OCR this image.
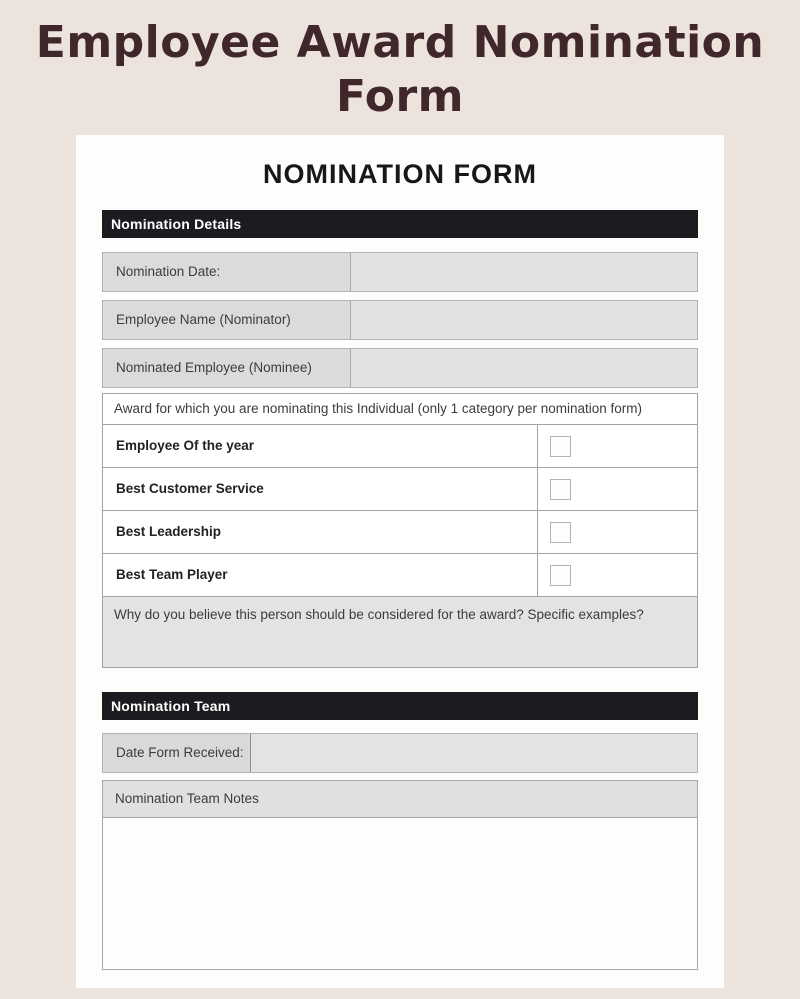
Employee Award Nomination Form
NOMINATION FORM
Nomination Details
Nomination Date:
Employee Name (Nominator)
Nominated Employee (Nominee)
Award for which you are nominating this Individual (only 1 category per nomination form)
Employee Of the year
Best Customer Service
Best Leadership
Best Team Player
Why do you believe this person should be considered for the award? Specific examples?
Nomination Team
Date Form Received:
Nomination Team Notes
